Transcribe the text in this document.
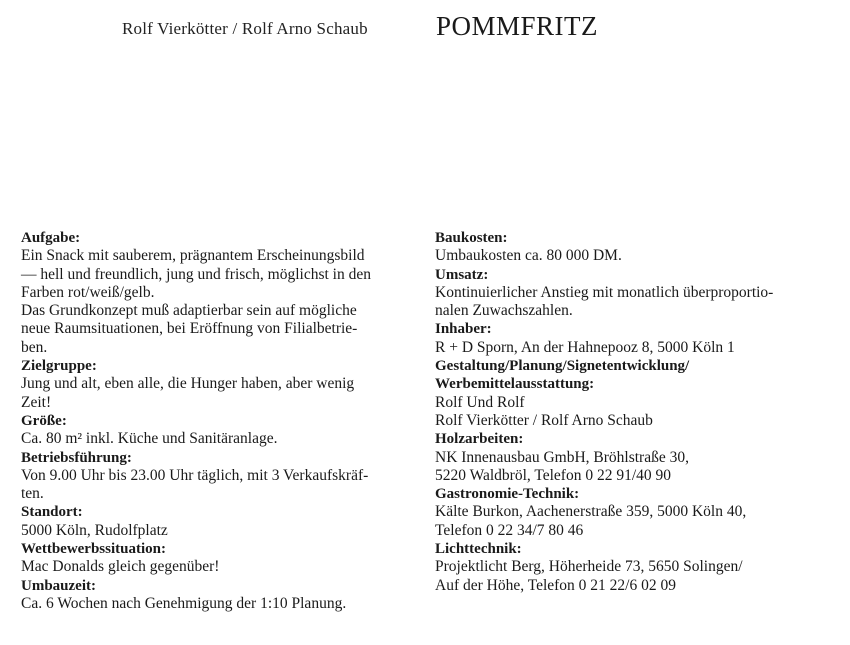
Rolf Vierkötter / Rolf Arno Schaub	POMMFRITZ
Aufgabe:
Ein Snack mit sauberem, prägnantem Erscheinungsbild
— hell und freundlich, jung und frisch, möglichst in den
Farben rot/weiß/gelb.
Das Grundkonzept muß adaptierbar sein auf mögliche
neue Raumsituationen, bei Eröffnung von Filialbetrie-
ben.
Zielgruppe:
Jung und alt, eben alle, die Hunger haben, aber wenig
Zeit!
Größe:
Ca. 80 m² inkl. Küche und Sanitäranlage.
Betriebsführung:
Von 9.00 Uhr bis 23.00 Uhr täglich, mit 3 Verkaufskräf-
ten.
Standort:
5000 Köln, Rudolfplatz
Wettbewerbssituation:
Mac Donalds gleich gegenüber!
Umbauzeit:
Ca. 6 Wochen nach Genehmigung der 1:10 Planung.
Baukosten:
Umbaukosten ca. 80 000 DM.
Umsatz:
Kontinuierlicher Anstieg mit monatlich überproportio-
nalen Zuwachszahlen.
Inhaber:
R + D Sporn, An der Hahnepooz 8, 5000 Köln 1
Gestaltung/Planung/Signetentwicklung/
Werbemittelausstattung:
Rolf Und Rolf
Rolf Vierkötter / Rolf Arno Schaub
Holzarbeiten:
NK Innenausbau GmbH, Bröhlstraße 30,
5220 Waldbröl, Telefon 0 22 91/40 90
Gastronomie-Technik:
Kälte Burkon, Aachenerstraße 359, 5000 Köln 40,
Telefon 0 22 34/7 80 46
Lichttechnik:
Projektlicht Berg, Höherheide 73, 5650 Solingen/
Auf der Höhe, Telefon 0 21 22/6 02 09
